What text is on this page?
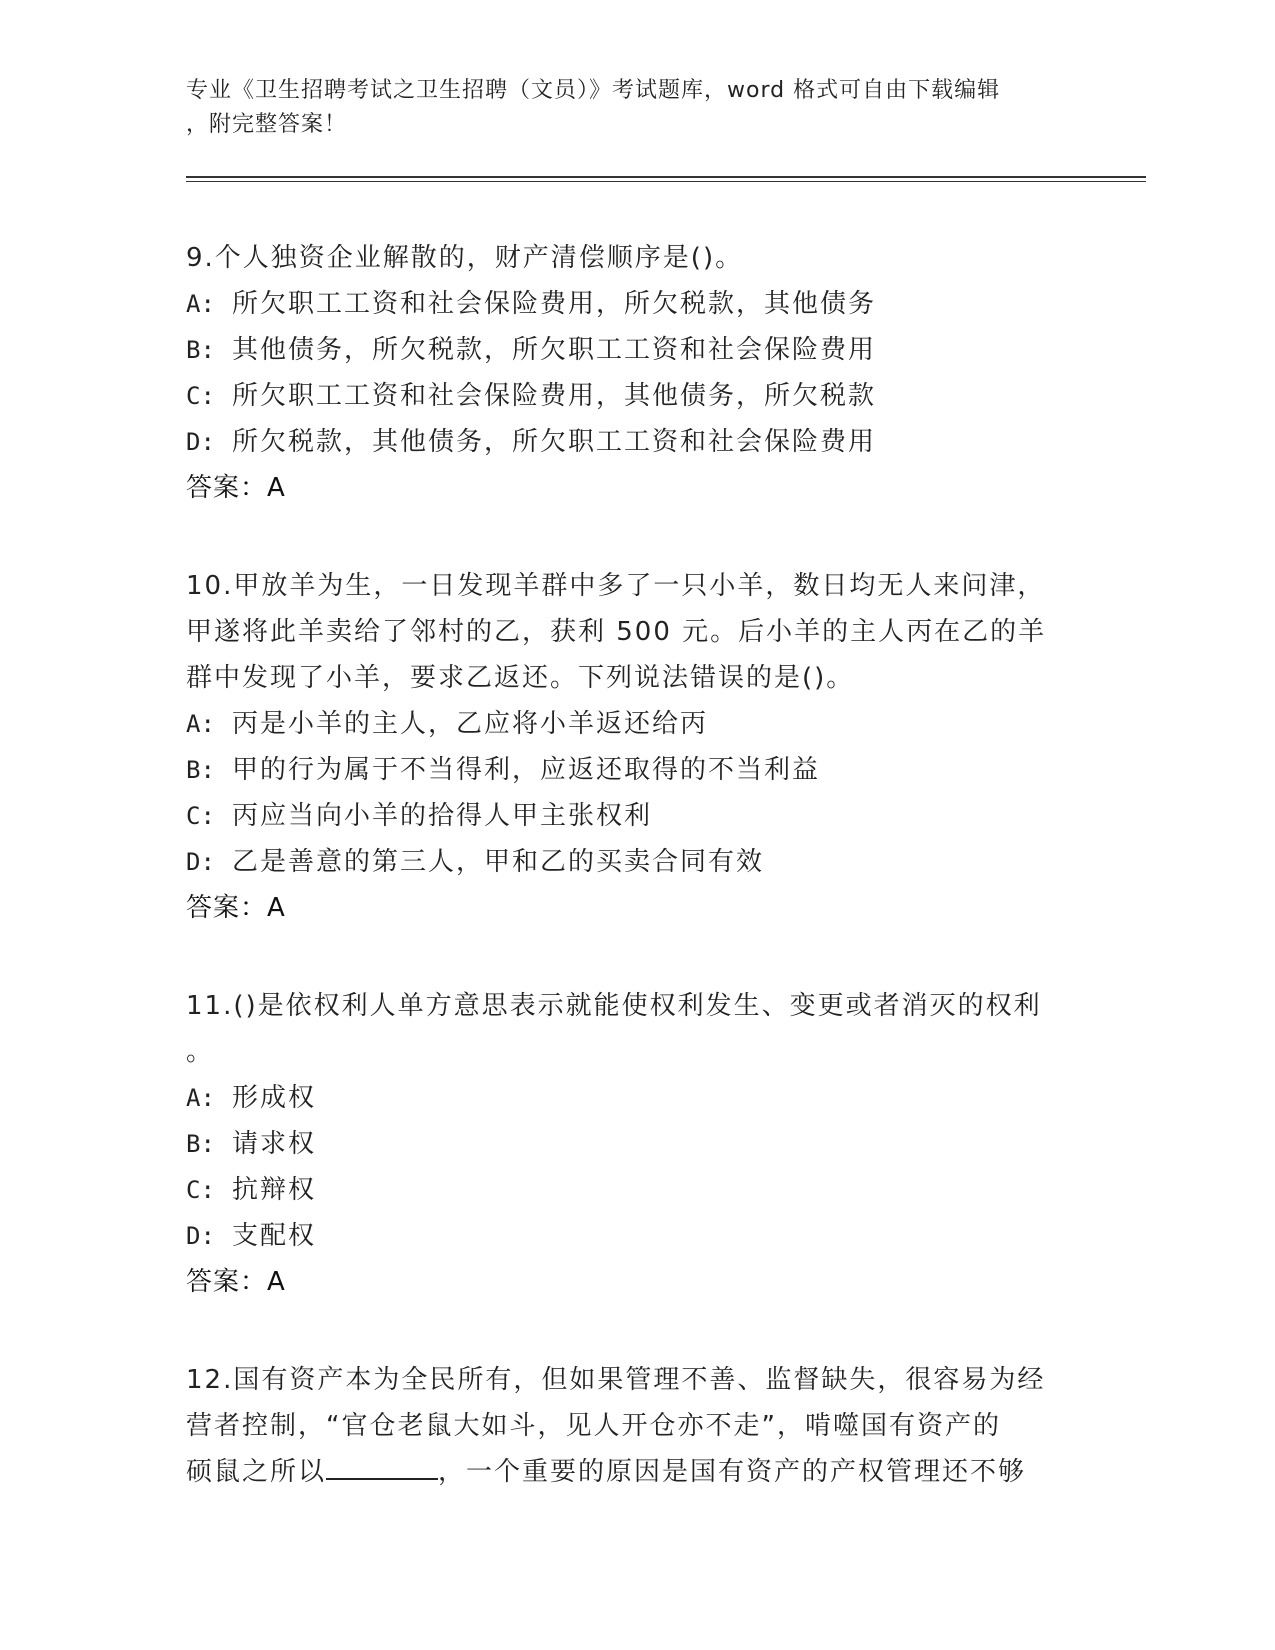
专业《卫生招聘考试之卫生招聘（文员）》考试题库，word 格式可自由下载编辑
，附完整答案！

9.个人独资企业解散的，财产清偿顺序是()。

A: 所欠职工工资和社会保险费用，所欠税款，其他债务

B: 其他债务，所欠税款，所欠职工工资和社会保险费用

C: 所欠职工工资和社会保险费用，其他债务，所欠税款

D: 所欠税款，其他债务，所欠职工工资和社会保险费用

答案：A

10.甲放羊为生，一日发现羊群中多了一只小羊，数日均无人来问津，

甲遂将此羊卖给了邻村的乙，获利 500 元。后小羊的主人丙在乙的羊

群中发现了小羊，要求乙返还。下列说法错误的是()。

A: 丙是小羊的主人，乙应将小羊返还给丙

B: 甲的行为属于不当得利，应返还取得的不当利益

C: 丙应当向小羊的拾得人甲主张权利

D: 乙是善意的第三人，甲和乙的买卖合同有效

答案：A

11.()是依权利人单方意思表示就能使权利发生、变更或者消灭的权利

。

A: 形成权

B: 请求权

C: 抗辩权

D: 支配权

答案：A

12.国有资产本为全民所有，但如果管理不善、监督缺失，很容易为经

营者控制，“官仓老鼠大如斗，见人开仓亦不走”，啃噬国有资产的

硕鼠之所以	，一个重要的原因是国有资产的产权管理还不够
